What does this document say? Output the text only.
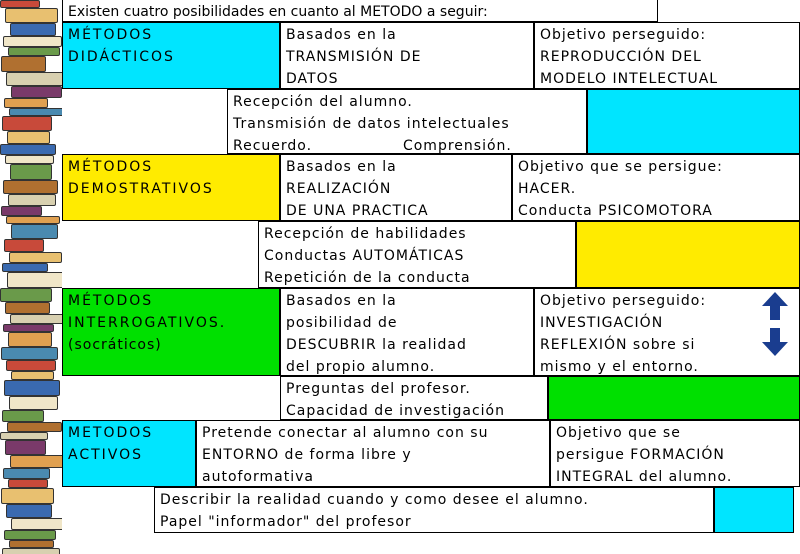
Existen cuatro posibilidades en cuanto al METODO a seguir:
MÉTODOS
DIDÁCTICOS
Basados en la
TRANSMISIÓN DE
DATOS
Objetivo perseguido:
REPRODUCCIÓN DEL
MODELO INTELECTUAL
Recepción del alumno.
Transmisión de datos intelectuales
Recuerdo.	Comprensión.
MÉTODOS
DEMOSTRATIVOS
Basados en la
REALIZACIÓN
DE UNA PRACTICA
Objetivo que se persigue:
HACER.
Conducta PSICOMOTORA
Recepción de habilidades
Conductas AUTOMÁTICAS
Repetición de la conducta
MÉTODOS
INTERROGATIVOS.
(socráticos)
Basados en la
posibilidad de
DESCUBRIR la realidad
del propio alumno.
Objetivo perseguido:
INVESTIGACIÓN
REFLEXIÓN sobre si
mismo y el entorno.
Preguntas del profesor.
Capacidad de investigación
METODOS
ACTIVOS
Pretende conectar al alumno con su
ENTORNO de forma libre y
autoformativa
Objetivo que se
persigue FORMACIÓN
INTEGRAL del alumno.
Describir la realidad cuando y como desee el alumno.
Papel "informador" del profesor
